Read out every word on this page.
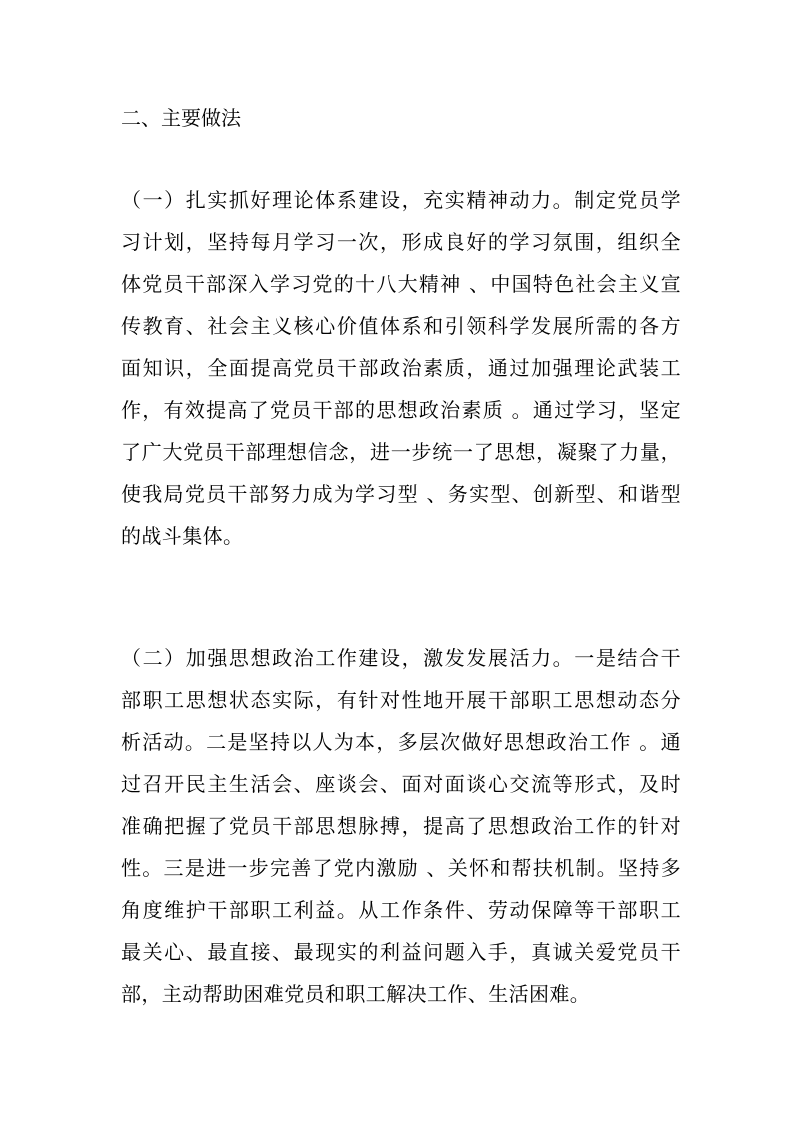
二、主要做法
（一）扎实抓好理论体系建设，充实精神动力。制定党员学
习计划，坚持每月学习一次，形成良好的学习氛围，组织全
体党员干部深入学习党的十八大精神 、中国特色社会主义宣
传教育、社会主义核心价值体系和引领科学发展所需的各方
面知识，全面提高党员干部政治素质，通过加强理论武装工
作，有效提高了党员干部的思想政治素质 。通过学习，坚定
了广大党员干部理想信念，进一步统一了思想，凝聚了力量，
使我局党员干部努力成为学习型 、务实型、创新型、和谐型
的战斗集体。
（二）加强思想政治工作建设，激发发展活力。一是结合干
部职工思想状态实际，有针对性地开展干部职工思想动态分
析活动。二是坚持以人为本，多层次做好思想政治工作 。通
过召开民主生活会、座谈会、面对面谈心交流等形式，及时
准确把握了党员干部思想脉搏，提高了思想政治工作的针对
性。三是进一步完善了党内激励 、关怀和帮扶机制。坚持多
角度维护干部职工利益。从工作条件、劳动保障等干部职工
最关心、最直接、最现实的利益问题入手，真诚关爱党员干
部，主动帮助困难党员和职工解决工作、生活困难。
